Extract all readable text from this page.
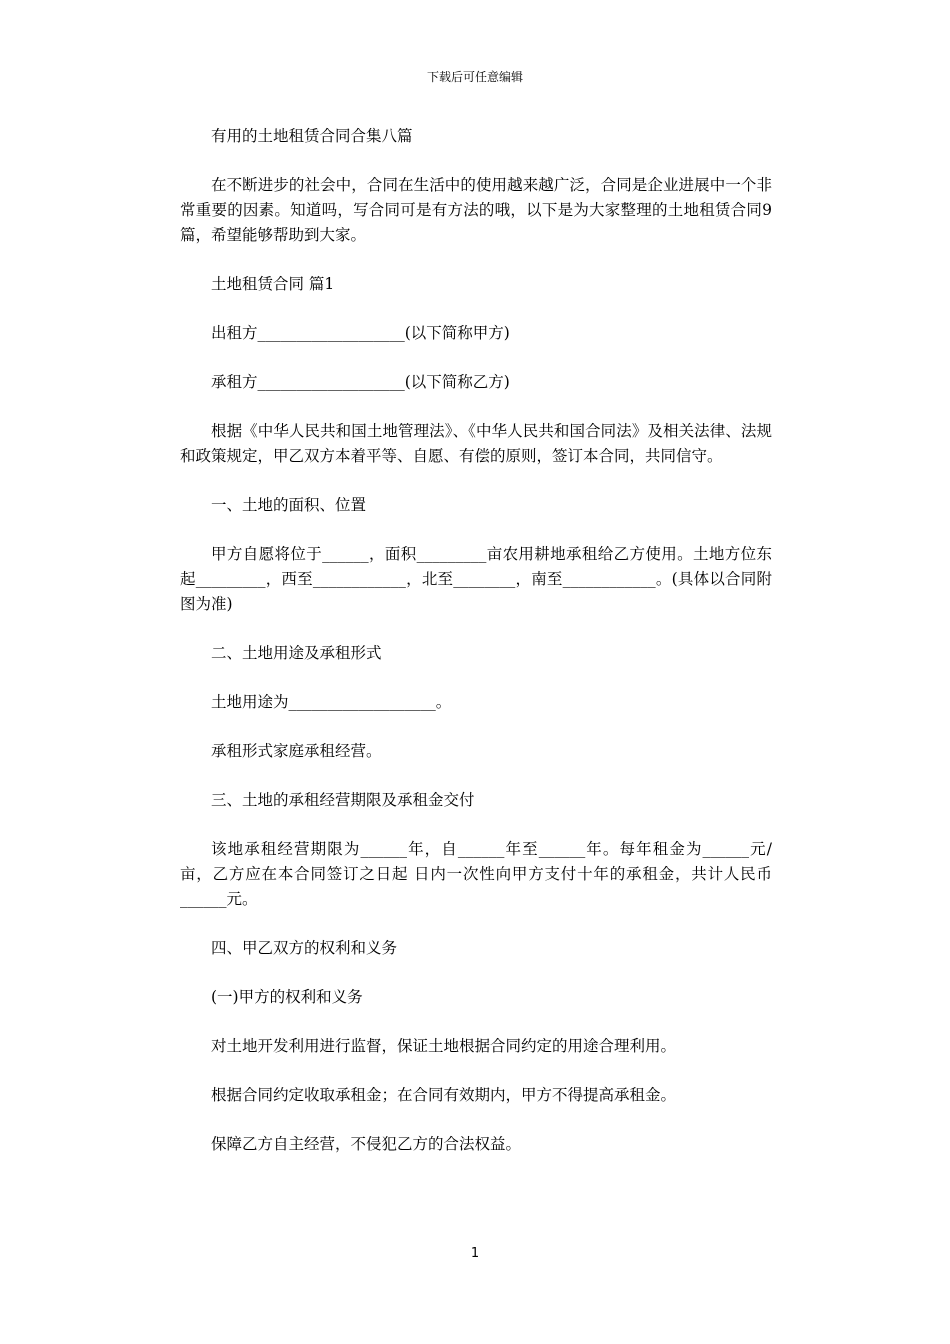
下载后可任意编辑

有用的土地租赁合同合集八篇

在不断进步的社会中，合同在生活中的使用越来越广泛，合同是企业进展中一个非常重要的因素。知道吗，写合同可是有方法的哦，以下是为大家整理的土地租赁合同9篇，希望能够帮助到大家。

土地租赁合同 篇1

出租方___________________(以下简称甲方)

承租方___________________(以下简称乙方)

根据《中华人民共和国土地管理法》、《中华人民共和国合同法》及相关法律、法规和政策规定，甲乙双方本着平等、自愿、有偿的原则，签订本合同，共同信守。

一、土地的面积、位置

甲方自愿将位于______，面积_________亩农用耕地承租给乙方使用。土地方位东起_________，西至____________，北至________，南至____________。(具体以合同附图为准)

二、土地用途及承租形式

土地用途为___________________。

承租形式家庭承租经营。

三、土地的承租经营期限及承租金交付

该地承租经营期限为______年，自______年至______年。每年租金为______元/亩，乙方应在本合同签订之日起 日内一次性向甲方支付十年的承租金，共计人民币______元。

四、甲乙双方的权利和义务

(一)甲方的权利和义务

对土地开发利用进行监督，保证土地根据合同约定的用途合理利用。

根据合同约定收取承租金；在合同有效期内，甲方不得提高承租金。

保障乙方自主经营，不侵犯乙方的合法权益。

1
